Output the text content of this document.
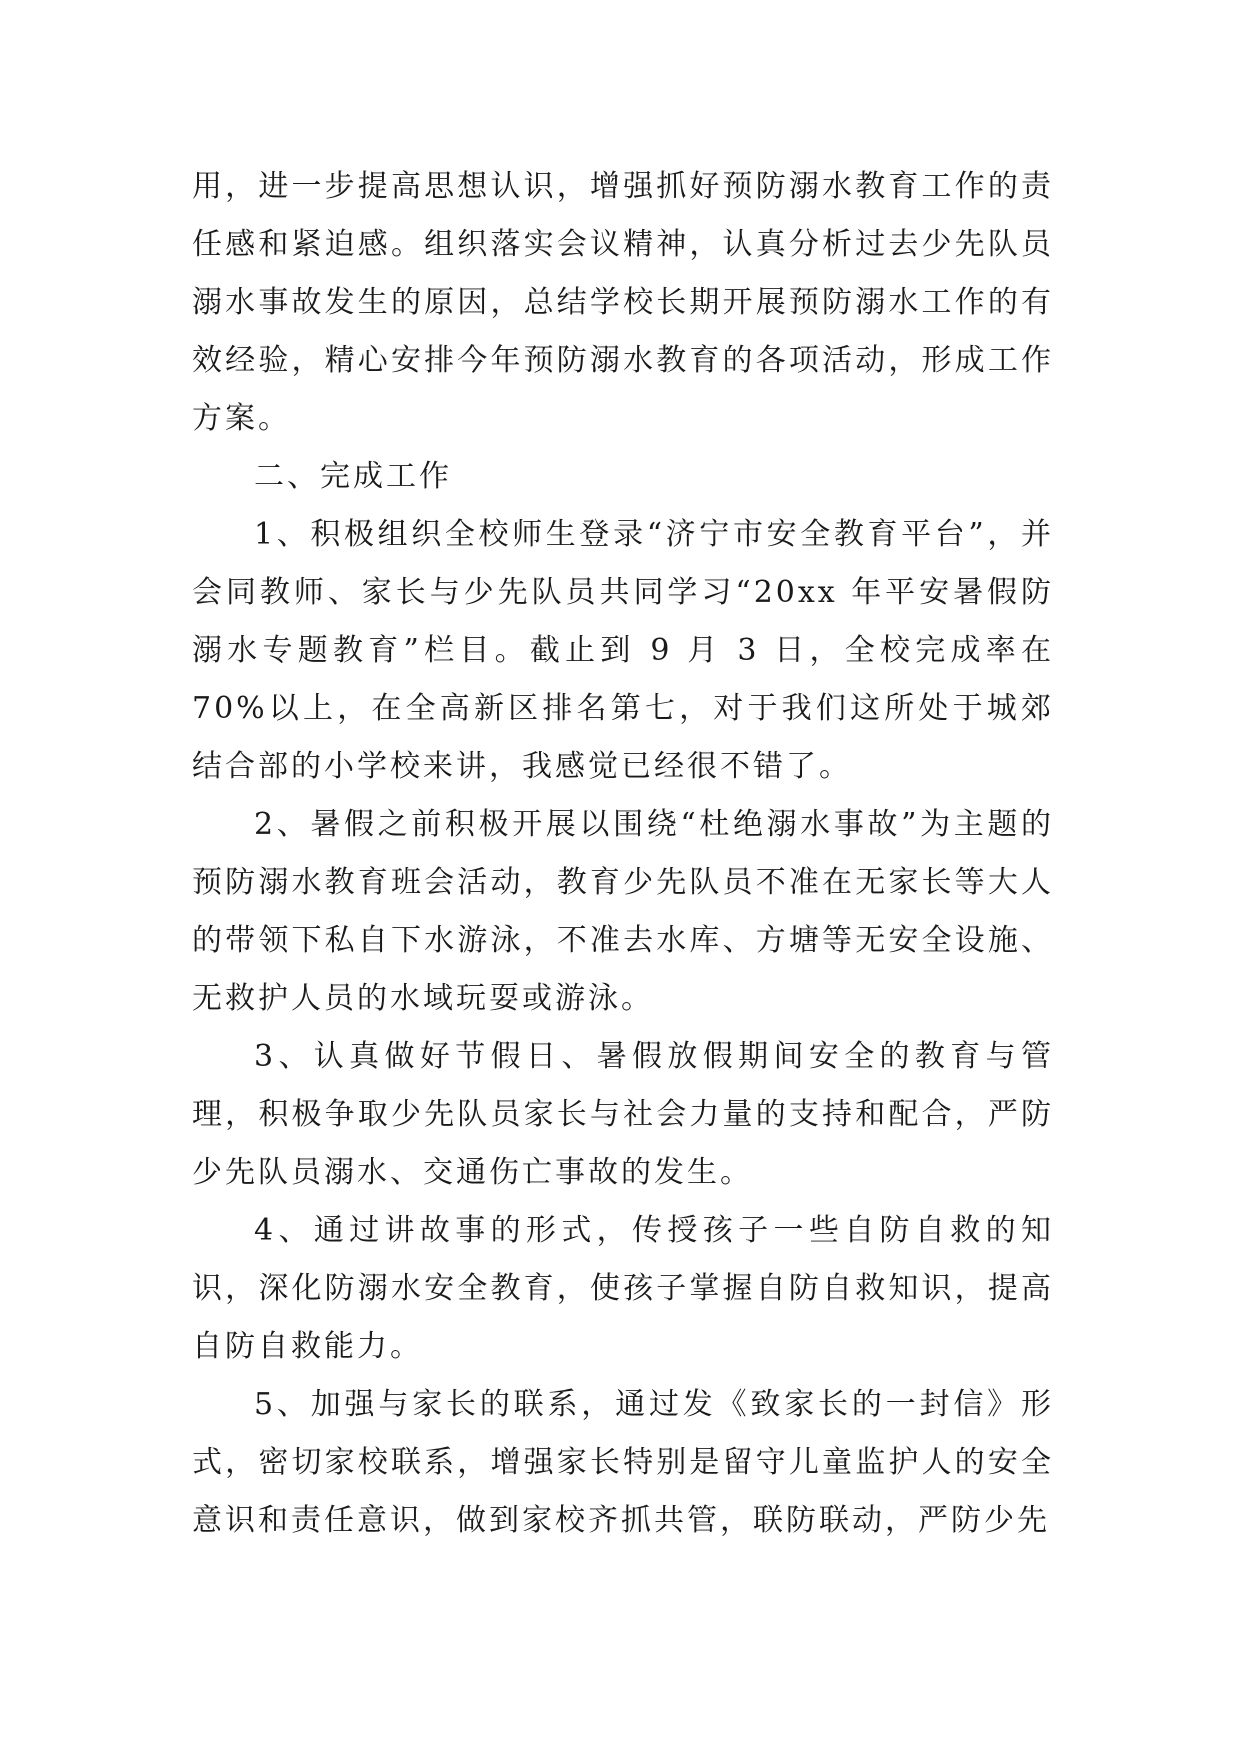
用，进一步提高思想认识，增强抓好预防溺水教育工作的责任感和紧迫感。组织落实会议精神，认真分析过去少先队员溺水事故发生的原因，总结学校长期开展预防溺水工作的有效经验，精心安排今年预防溺水教育的各项活动，形成工作方案。

二、完成工作

1、积极组织全校师生登录“济宁市安全教育平台”，并会同教师、家长与少先队员共同学习“20xx 年平安暑假防溺水专题教育”栏目。截止到 9 月 3 日，全校完成率在 70%以上，在全高新区排名第七，对于我们这所处于城郊结合部的小学校来讲，我感觉已经很不错了。

2、暑假之前积极开展以围绕“杜绝溺水事故”为主题的预防溺水教育班会活动，教育少先队员不准在无家长等大人的带领下私自下水游泳，不准去水库、方塘等无安全设施、无救护人员的水域玩耍或游泳。

3、认真做好节假日、暑假放假期间安全的教育与管理，积极争取少先队员家长与社会力量的支持和配合，严防少先队员溺水、交通伤亡事故的发生。

4、通过讲故事的形式，传授孩子一些自防自救的知识，深化防溺水安全教育，使孩子掌握自防自救知识，提高自防自救能力。

5、加强与家长的联系，通过发《致家长的一封信》形式，密切家校联系，增强家长特别是留守儿童监护人的安全意识和责任意识，做到家校齐抓共管，联防联动，严防少先
